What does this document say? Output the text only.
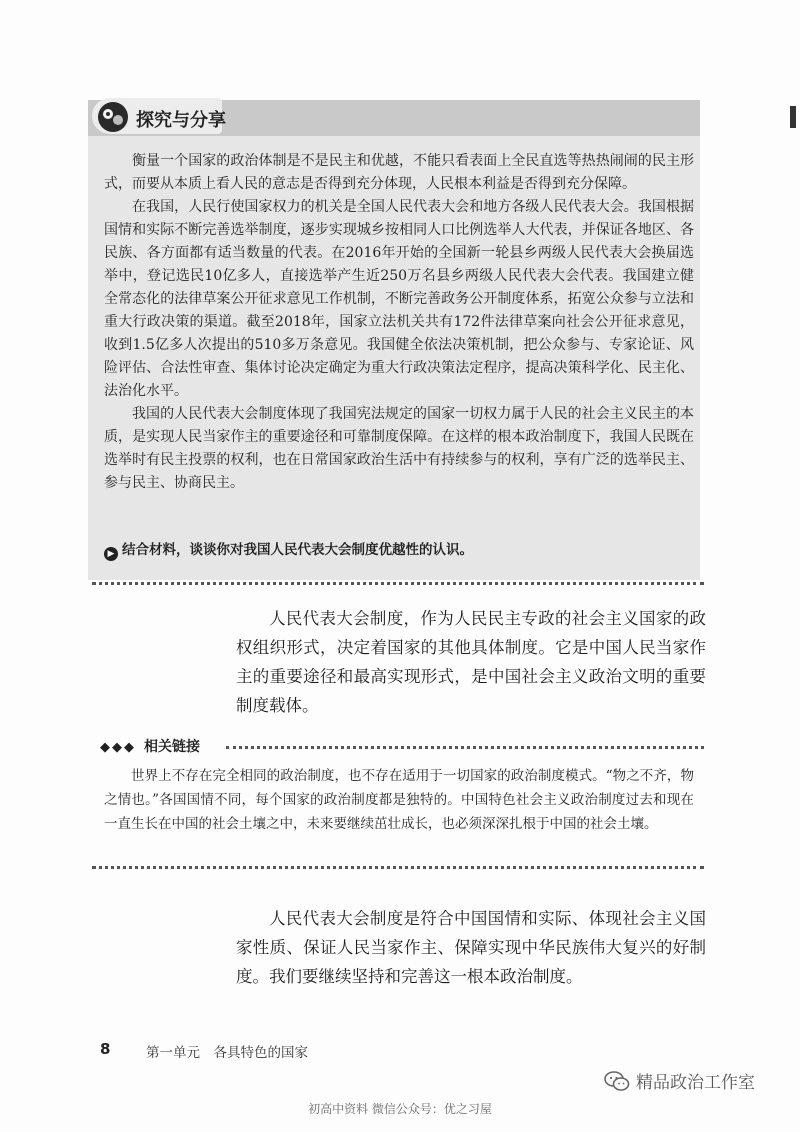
探究与分享

衡量一个国家的政治体制是不是民主和优越，不能只看表面上全民直选等热热闹闹的民主形式，而要从本质上看人民的意志是否得到充分体现，人民根本利益是否得到充分保障。

在我国，人民行使国家权力的机关是全国人民代表大会和地方各级人民代表大会。我国根据国情和实际不断完善选举制度，逐步实现城乡按相同人口比例选举人大代表，并保证各地区、各民族、各方面都有适当数量的代表。在2016年开始的全国新一轮县乡两级人民代表大会换届选举中，登记选民10亿多人，直接选举产生近250万名县乡两级人民代表大会代表。我国建立健全常态化的法律草案公开征求意见工作机制，不断完善政务公开制度体系，拓宽公众参与立法和重大行政决策的渠道。截至2018年，国家立法机关共有172件法律草案向社会公开征求意见，收到1.5亿多人次提出的510多万条意见。我国健全依法决策机制，把公众参与、专家论证、风险评估、合法性审查、集体讨论决定确定为重大行政决策法定程序，提高决策科学化、民主化、法治化水平。

我国的人民代表大会制度体现了我国宪法规定的国家一切权力属于人民的社会主义民主的本质，是实现人民当家作主的重要途径和可靠制度保障。在这样的根本政治制度下，我国人民既在选举时有民主投票的权利，也在日常国家政治生活中有持续参与的权利，享有广泛的选举民主、参与民主、协商民主。

▶ 结合材料，谈谈你对我国人民代表大会制度优越性的认识。

人民代表大会制度，作为人民民主专政的社会主义国家的政权组织形式，决定着国家的其他具体制度。它是中国人民当家作主的重要途径和最高实现形式，是中国社会主义政治文明的重要制度载体。

◆◆◆ 相关链接

世界上不存在完全相同的政治制度，也不存在适用于一切国家的政治制度模式。“物之不齐，物之情也。”各国国情不同，每个国家的政治制度都是独特的。中国特色社会主义政治制度过去和现在一直生长在中国的社会土壤之中，未来要继续茁壮成长，也必须深深扎根于中国的社会土壤。

人民代表大会制度是符合中国国情和实际、体现社会主义国家性质、保证人民当家作主、保障实现中华民族伟大复兴的好制度。我们要继续坚持和完善这一根本政治制度。

8	第一单元　各具特色的国家
精品政治工作室
初高中资料 微信公众号：优之习屋
